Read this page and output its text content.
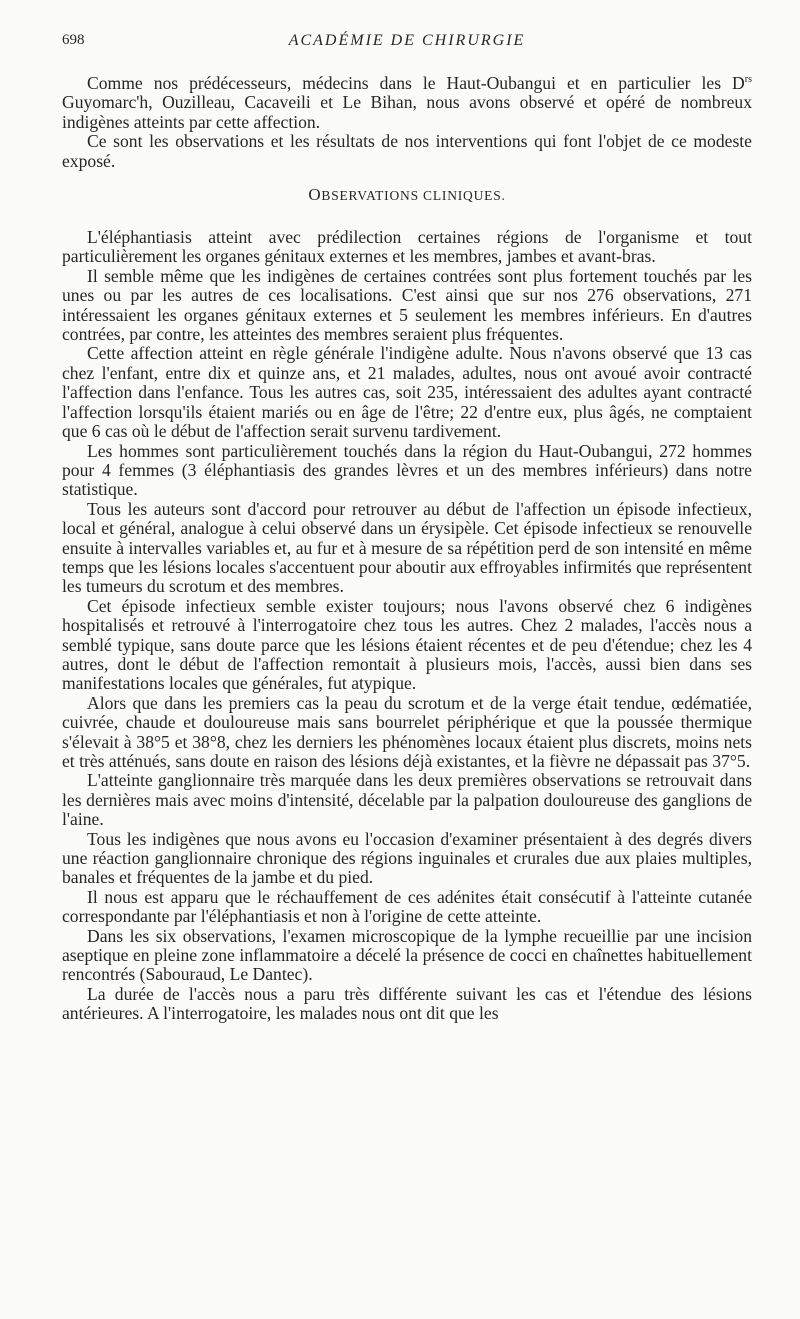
698	ACADÉMIE DE CHIRURGIE

Comme nos prédécesseurs, médecins dans le Haut-Oubangui et en particulier les $D^{rs}$ Guyomarc'h, Ouzilleau, Cacaveili et Le Bihan, nous avons observé et opéré de nombreux indigènes atteints par cette affection.

Ce sont les observations et les résultats de nos interventions qui font l'objet de ce modeste exposé.

OBSERVATIONS CLINIQUES.

L'éléphantiasis atteint avec prédilection certaines régions de l'organisme et tout particulièrement les organes génitaux externes et les membres, jambes et avant-bras.

Il semble même que les indigènes de certaines contrées sont plus fortement touchés par les unes ou par les autres de ces localisations. C'est ainsi que sur nos 276 observations, 271 intéressaient les organes génitaux externes et 5 seulement les membres inférieurs. En d'autres contrées, par contre, les atteintes des membres seraient plus fréquentes.

Cette affection atteint en règle générale l'indigène adulte. Nous n'avons observé que 13 cas chez l'enfant, entre dix et quinze ans, et 21 malades, adultes, nous ont avoué avoir contracté l'affection dans l'enfance. Tous les autres cas, soit 235, intéressaient des adultes ayant contracté l'affection lorsqu'ils étaient mariés ou en âge de l'être; 22 d'entre eux, plus âgés, ne comptaient que 6 cas où le début de l'affection serait survenu tardivement.

Les hommes sont particulièrement touchés dans la région du Haut-Oubangui, 272 hommes pour 4 femmes (3 éléphantiasis des grandes lèvres et un des membres inférieurs) dans notre statistique.

Tous les auteurs sont d'accord pour retrouver au début de l'affection un épisode infectieux, local et général, analogue à celui observé dans un érysipèle. Cet épisode infectieux se renouvelle ensuite à intervalles variables et, au fur et à mesure de sa répétition perd de son intensité en même temps que les lésions locales s'accentuent pour aboutir aux effroyables infirmités que représentent les tumeurs du scrotum et des membres.

Cet épisode infectieux semble exister toujours; nous l'avons observé chez 6 indigènes hospitalisés et retrouvé à l'interrogatoire chez tous les autres. Chez 2 malades, l'accès nous a semblé typique, sans doute parce que les lésions étaient récentes et de peu d'étendue; chez les 4 autres, dont le début de l'affection remontait à plusieurs mois, l'accès, aussi bien dans ses manifestations locales que générales, fut atypique.

Alors que dans les premiers cas la peau du scrotum et de la verge était tendue, œdématiée, cuivrée, chaude et douloureuse mais sans bourrelet périphérique et que la poussée thermique s'élevait à 38°5 et 38°8, chez les derniers les phénomènes locaux étaient plus discrets, moins nets et très atténués, sans doute en raison des lésions déjà existantes, et la fièvre ne dépassait pas 37°5.

L'atteinte ganglionnaire très marquée dans les deux premières observations se retrouvait dans les dernières mais avec moins d'intensité, décelable par la palpation douloureuse des ganglions de l'aine.

Tous les indigènes que nous avons eu l'occasion d'examiner présentaient à des degrés divers une réaction ganglionnaire chronique des régions inguinales et crurales due aux plaies multiples, banales et fréquentes de la jambe et du pied.

Il nous est apparu que le réchauffement de ces adénites était consécutif à l'atteinte cutanée correspondante par l'éléphantiasis et non à l'origine de cette atteinte.

Dans les six observations, l'examen microscopique de la lymphe recueillie par une incision aseptique en pleine zone inflammatoire a décelé la présence de cocci en chaînettes habituellement rencontrés (Sabouraud, Le Dantec).

La durée de l'accès nous a paru très différente suivant les cas et l'étendue des lésions antérieures. A l'interrogatoire, les malades nous ont dit que les
